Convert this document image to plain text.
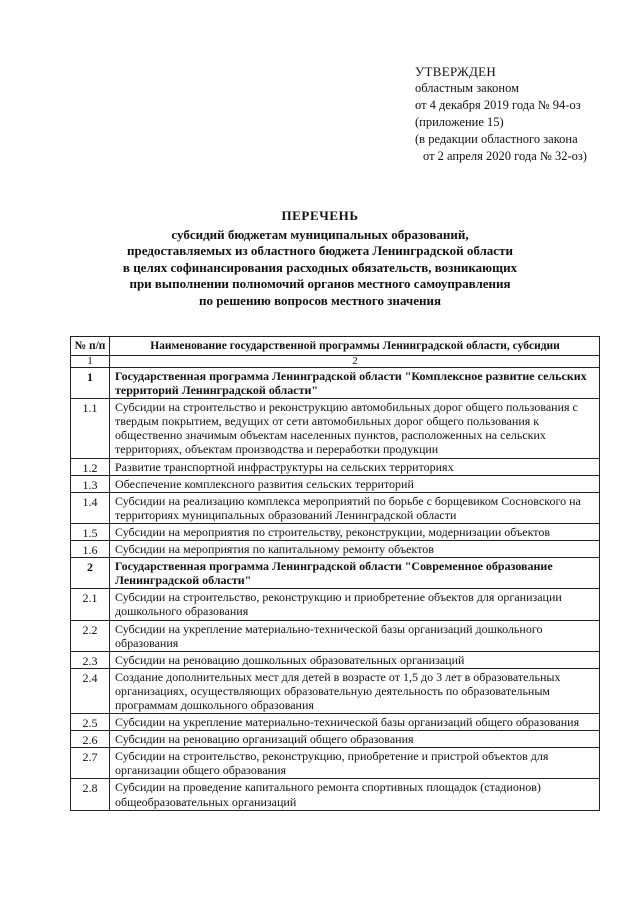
УТВЕРЖДЕН
областным законом
от 4 декабря 2019 года № 94-оз
(приложение 15)
(в редакции областного закона
от 2 апреля 2020 года № 32-оз)
ПЕРЕЧЕНЬ
субсидий бюджетам муниципальных образований,
предоставляемых из областного бюджета Ленинградской области
в целях софинансирования расходных обязательств, возникающих
при выполнении полномочий органов местного самоуправления
по решению вопросов местного значения
№ п/п	Наименование государственной программы Ленинградской области, субсидии
1	2
1	Государственная программа Ленинградской области "Комплексное развитие сельских территорий Ленинградской области"
1.1	Субсидии на строительство и реконструкцию автомобильных дорог общего пользования с твердым покрытием, ведущих от сети автомобильных дорог общего пользования к общественно значимым объектам населенных пунктов, расположенных на сельских территориях, объектам производства и переработки продукции
1.2	Развитие транспортной инфраструктуры на сельских территориях
1.3	Обеспечение комплексного развития сельских территорий
1.4	Субсидии на реализацию комплекса мероприятий по борьбе с борщевиком Сосновского на территориях муниципальных образований Ленинградской области
1.5	Субсидии на мероприятия по строительству, реконструкции, модернизации объектов
1.6	Субсидии на мероприятия по капитальному ремонту объектов
2	Государственная программа Ленинградской области "Современное образование Ленинградской области"
2.1	Субсидии на строительство, реконструкцию и приобретение объектов для организации дошкольного образования
2.2	Субсидии на укрепление материально-технической базы организаций дошкольного образования
2.3	Субсидии на реновацию дошкольных образовательных организаций
2.4	Создание дополнительных мест для детей в возрасте от 1,5 до 3 лет в образовательных организациях, осуществляющих образовательную деятельность по образовательным программам дошкольного образования
2.5	Субсидии на укрепление материально-технической базы организаций общего образования
2.6	Субсидии на реновацию организаций общего образования
2.7	Субсидии на строительство, реконструкцию, приобретение и пристрой объектов для организации общего образования
2.8	Субсидии на проведение капитального ремонта спортивных площадок (стадионов) общеобразовательных организаций
